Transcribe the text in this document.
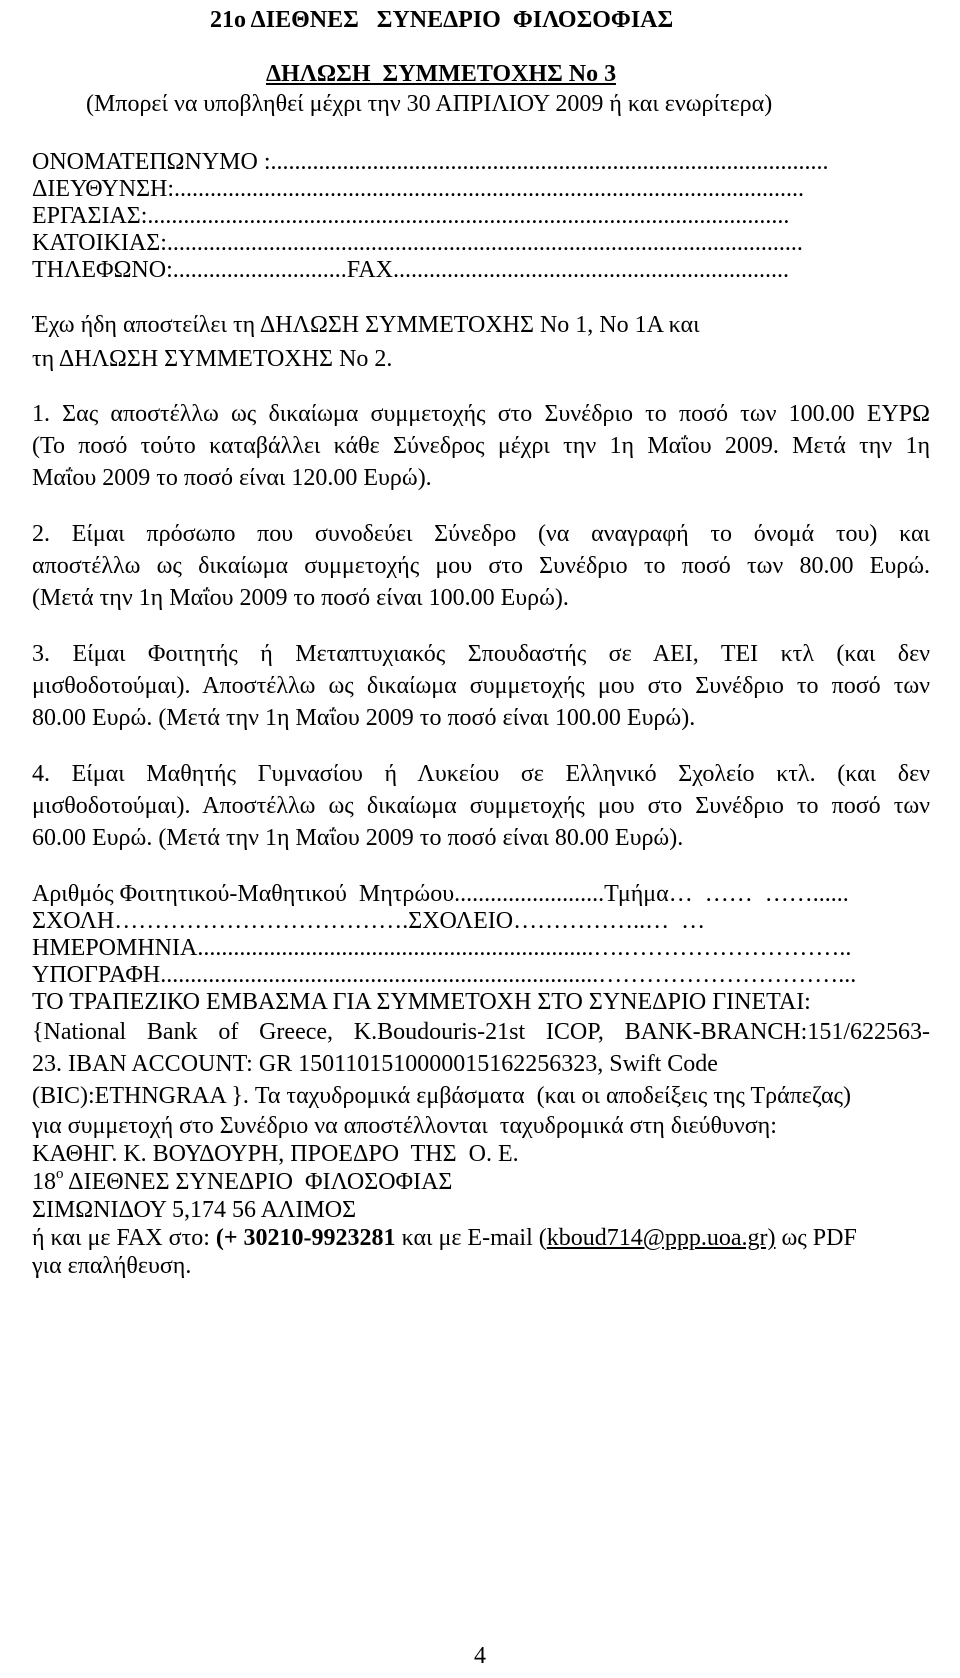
21ο ΔΙΕΘΝΕΣ   ΣΥΝΕΔΡΙΟ  ΦΙΛΟΣΟΦΙΑΣ
ΔΗΛΩΣΗ  ΣΥΜΜΕΤΟΧΗΣ No 3
(Μπορεί να υποβληθεί μέχρι την 30 ΑΠΡΙΛΙΟΥ 2009 ή και ενωρίτερα)
ΟΝΟΜΑΤΕΠΩΝΥΜΟ :.............................................................................................
ΔΙΕΥΘΥΝΣΗ:.........................................................................................................
ΕΡΓΑΣΙΑΣ:...........................................................................................................
ΚΑΤΟΙΚΙΑΣ:..........................................................................................................
ΤΗΛΕΦΩΝΟ:.............................FAX..................................................................
Έχω ήδη αποστείλει τη ΔΗΛΩΣΗ ΣΥΜΜΕΤΟΧΗΣ No 1, No 1A και
τη ΔΗΛΩΣΗ ΣΥΜΜΕΤΟΧΗΣ No 2.
1. Σας αποστέλλω ως δικαίωμα συμμετοχής στο Συνέδριο το ποσό των 100.00 ΕΥΡΩ
(Το ποσό τούτο καταβάλλει κάθε Σύνεδρος μέχρι την 1η Μαΐου 2009. Μετά την 1η
Μαΐου 2009 το ποσό είναι 120.00 Ευρώ).
2. Είμαι πρόσωπο που συνοδεύει Σύνεδρο (να αναγραφή το όνομά του) και
αποστέλλω ως δικαίωμα συμμετοχής μου στο Συνέδριο το ποσό των 80.00 Ευρώ.
(Μετά την 1η Μαΐου 2009 το ποσό είναι 100.00 Ευρώ).
3. Είμαι Φοιτητής ή Μεταπτυχιακός Σπουδαστής σε ΑΕΙ, ΤΕΙ κτλ (και δεν
μισθοδοτούμαι). Αποστέλλω ως δικαίωμα συμμετοχής μου στο Συνέδριο το ποσό των
80.00 Ευρώ. (Μετά την 1η Μαΐου 2009 το ποσό είναι 100.00 Ευρώ).
4. Είμαι Μαθητής Γυμνασίου ή Λυκείου σε Ελληνικό Σχολείο κτλ. (και δεν
μισθοδοτούμαι). Αποστέλλω ως δικαίωμα συμμετοχής μου στο Συνέδριο το ποσό των
60.00 Ευρώ. (Μετά την 1η Μαΐου 2009 το ποσό είναι 80.00 Ευρώ).
Αριθμός Φοιτητικού-Μαθητικού  Μητρώου.........................Τμήμα…  ……  ……......
ΣΧΟΛΗ……………………………….ΣΧΟΛΕΙΟ……………..…  …
ΗΜΕΡΟΜΗΝΙΑ..................................................................….………………………..
ΥΠΟΓΡΑΦΗ.........................................................................…………………………...
ΤΟ ΤΡΑΠΕΖΙΚΟ ΕΜΒΑΣΜΑ ΓΙΑ ΣΥΜΜΕΤΟΧΗ ΣΤΟ ΣΥΝΕΔΡΙΟ ΓΙΝΕΤΑΙ:
{National Bank of Greece, K.Boudouris-21st ICOP, BANK-BRANCH:151/622563-
23. IBAN ACCOUNT: GR 1501101510000015162256323, Swift Code
(BIC):ETHNGRAA }. Τα ταχυδρομικά εμβάσματα  (και οι αποδείξεις της Τράπεζας)
για συμμετοχή στο Συνέδριο να αποστέλλονται  ταχυδρομικά στη διεύθυνση:
ΚΑΘΗΓ. Κ. ΒΟΥΔΟΥΡΗ, ΠΡΟΕΔΡΟ  ΤΗΣ  Ο. Ε.
$18^o$ ΔΙΕΘΝΕΣ ΣΥΝΕΔΡΙΟ  ΦΙΛΟΣΟΦΙΑΣ
ΣΙΜΩΝΙΔΟΥ 5,174 56 ΑΛΙΜΟΣ
ή και με FAX στο: (+ 30210-9923281 και με E-mail (kboud714@ppp.uoa.gr) ως PDF
για επαλήθευση.
4
